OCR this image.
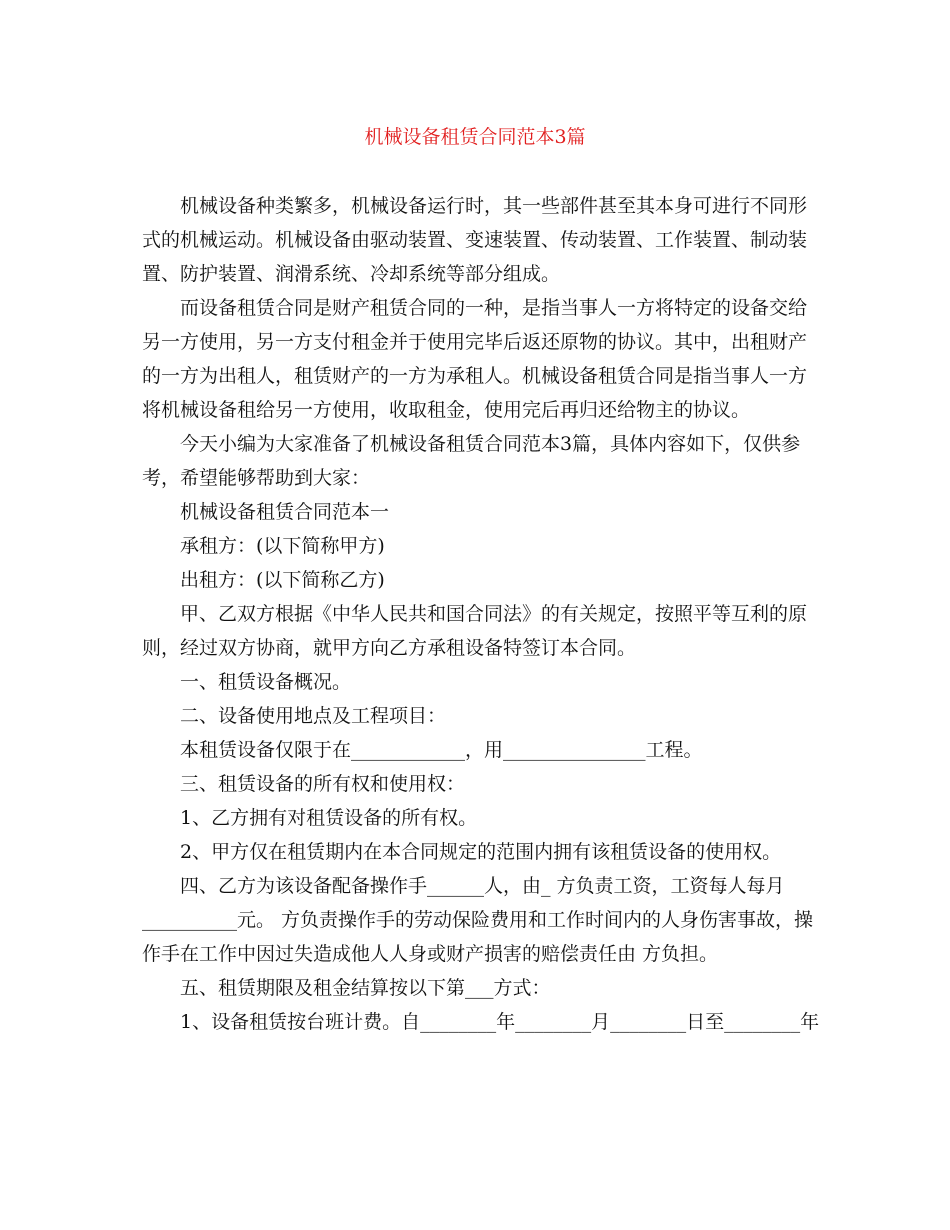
机械设备租赁合同范本3篇
机械设备种类繁多，机械设备运行时，其一些部件甚至其本身可进行不同形
式的机械运动。机械设备由驱动装置、变速装置、传动装置、工作装置、制动装
置、防护装置、润滑系统、冷却系统等部分组成。
而设备租赁合同是财产租赁合同的一种，是指当事人一方将特定的设备交给
另一方使用，另一方支付租金并于使用完毕后返还原物的协议。其中，出租财产
的一方为出租人，租赁财产的一方为承租人。机械设备租赁合同是指当事人一方
将机械设备租给另一方使用，收取租金，使用完后再归还给物主的协议。
今天小编为大家准备了机械设备租赁合同范本3篇，具体内容如下，仅供参
考，希望能够帮助到大家：
机械设备租赁合同范本一
承租方：(以下简称甲方)
出租方：(以下简称乙方)
甲、乙双方根据《中华人民共和国合同法》的有关规定，按照平等互利的原
则，经过双方协商，就甲方向乙方承租设备特签订本合同。
一、租赁设备概况。
二、设备使用地点及工程项目：
本租赁设备仅限于在____________，用_______________工程。
三、租赁设备的所有权和使用权：
1、乙方拥有对租赁设备的所有权。
2、甲方仅在租赁期内在本合同规定的范围内拥有该租赁设备的使用权。
四、乙方为该设备配备操作手______人，由_ 方负责工资，工资每人每月
__________元。 方负责操作手的劳动保险费用和工作时间内的人身伤害事故，操
作手在工作中因过失造成他人人身或财产损害的赔偿责任由 方负担。
五、租赁期限及租金结算按以下第___方式：
1、设备租赁按台班计费。自________年________月________日至________年
